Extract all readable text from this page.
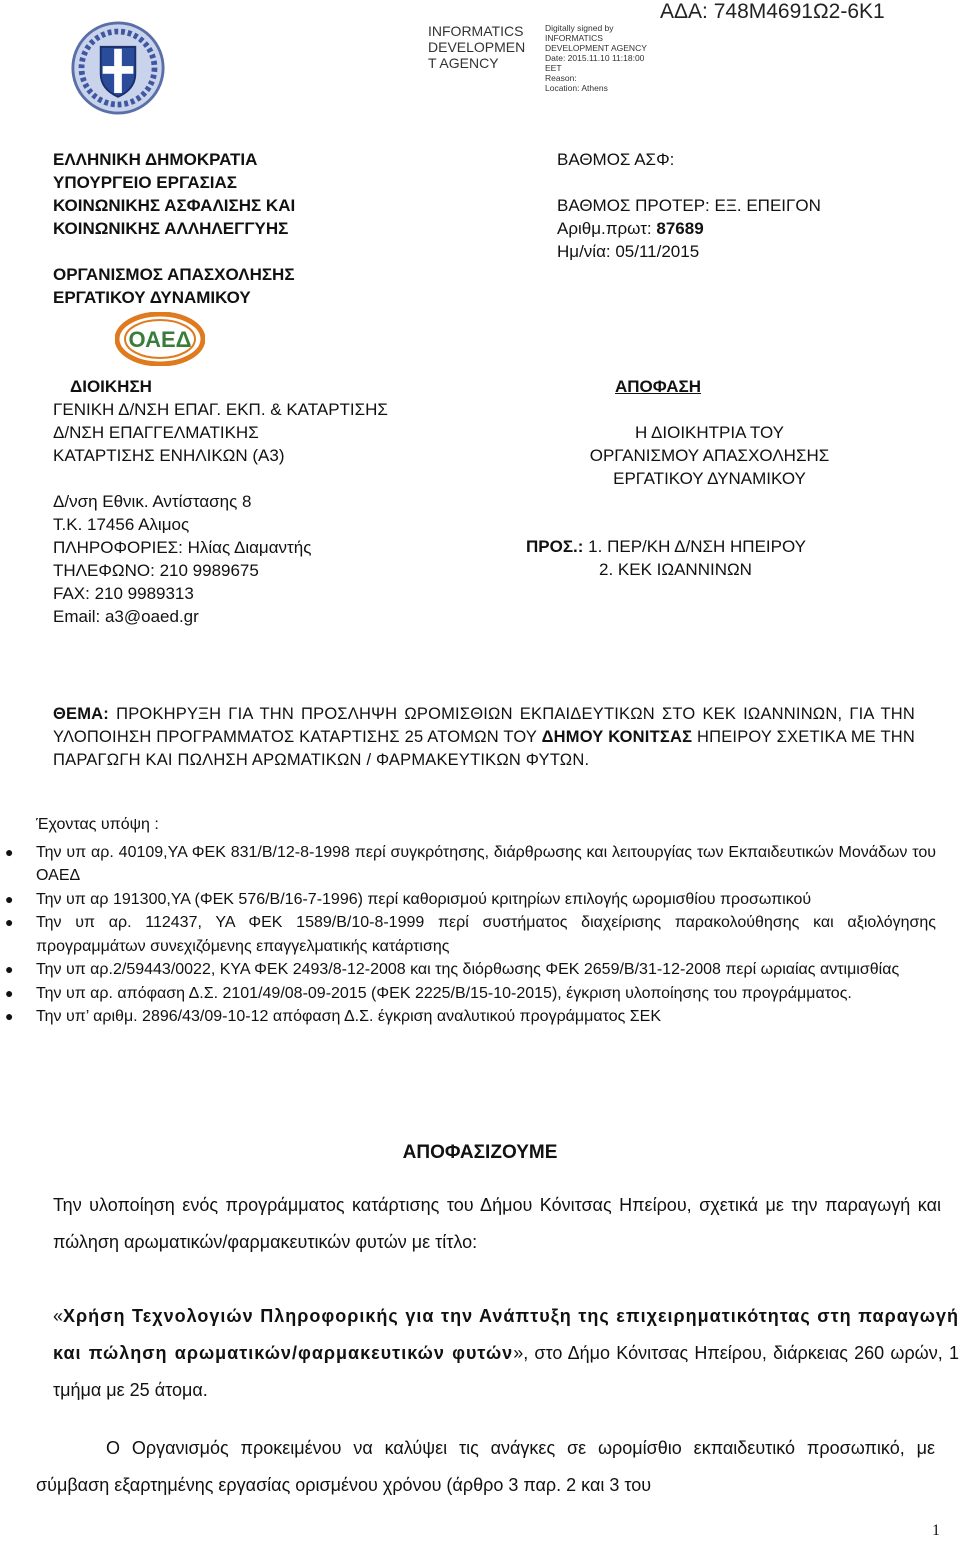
INFORMATICS
DEVELOPMEN
T AGENCY
Digitally signed by
INFORMATICS
DEVELOPMENT AGENCY
Date: 2015.11.10 11:18:00
EET
Reason:
Location: Athens
ΑΔΑ: 748Μ4691Ω2-6Κ1
ΕΛΛΗΝΙΚΗ ΔΗΜΟΚΡΑΤΙΑ
ΥΠΟΥΡΓΕΙΟ ΕΡΓΑΣΙΑΣ
ΚΟΙΝΩΝΙΚΗΣ ΑΣΦΑΛΙΣΗΣ ΚΑΙ
ΚΟΙΝΩΝΙΚΗΣ ΑΛΛΗΛΕΓΓΥΗΣ
ΟΡΓΑΝΙΣΜΟΣ ΑΠΑΣΧΟΛΗΣΗΣ
ΕΡΓΑΤΙΚΟΥ ΔΥΝΑΜΙΚΟΥ
ΟΑΕΔ
ΒΑΘΜΟΣ ΑΣΦ:
ΒΑΘΜΟΣ ΠΡΟΤΕΡ: ΕΞ. ΕΠΕΙΓΟΝ
Αριθμ.πρωτ: 87689
Ημ/νία: 05/11/2015
ΔΙΟΙΚΗΣΗ
ΓΕΝΙΚΗ Δ/ΝΣΗ ΕΠΑΓ. ΕΚΠ. & ΚΑΤΑΡΤΙΣΗΣ
Δ/ΝΣΗ ΕΠΑΓΓΕΛΜΑΤΙΚΗΣ
ΚΑΤΑΡΤΙΣΗΣ ΕΝΗΛΙΚΩΝ (Α3)
Δ/νση Εθνικ. Αντίστασης 8
Τ.Κ. 17456 Αλιμος
ΠΛΗΡΟΦΟΡΙΕΣ: Ηλίας Διαμαντής
ΤΗΛΕΦΩΝΟ: 210 9989675
FAX: 210 9989313
Email: a3@oaed.gr
ΑΠΟΦΑΣΗ
Η ΔΙΟΙΚΗΤΡΙΑ ΤΟΥ
ΟΡΓΑΝΙΣΜΟΥ ΑΠΑΣΧΟΛΗΣΗΣ
ΕΡΓΑΤΙΚΟΥ ΔΥΝΑΜΙΚΟΥ
ΠΡΟΣ.: 1. ΠΕΡ/ΚΗ Δ/ΝΣΗ ΗΠΕΙΡΟΥ
2. ΚΕΚ ΙΩΑΝΝΙΝΩΝ
ΘΕΜΑ: ΠΡΟΚΗΡΥΞΗ ΓΙΑ ΤΗΝ ΠΡΟΣΛΗΨΗ ΩΡΟΜΙΣΘΙΩΝ ΕΚΠΑΙΔΕΥΤΙΚΩΝ ΣΤΟ ΚΕΚ ΙΩΑΝΝΙΝΩΝ, ΓΙΑ ΤΗΝ ΥΛΟΠΟΙΗΣΗ ΠΡΟΓΡΑΜΜΑΤΟΣ ΚΑΤΑΡΤΙΣΗΣ 25 ΑΤΟΜΩΝ ΤΟΥ ΔΗΜΟΥ ΚΟΝΙΤΣΑΣ ΗΠΕΙΡΟΥ ΣΧΕΤΙΚΑ ΜΕ ΤΗΝ ΠΑΡΑΓΩΓΗ ΚΑΙ ΠΩΛΗΣΗ ΑΡΩΜΑΤΙΚΩΝ / ΦΑΡΜΑΚΕΥΤΙΚΩΝ ΦΥΤΩΝ.
Έχοντας υπόψη :
● Την υπ αρ. 40109,ΥΑ ΦΕΚ 831/Β/12-8-1998 περί συγκρότησης, διάρθρωσης και λειτουργίας των Εκπαιδευτικών Μονάδων του ΟΑΕΔ
● Την υπ αρ 191300,ΥΑ (ΦΕΚ 576/Β/16-7-1996) περί καθορισμού κριτηρίων επιλογής ωρομισθίου προσωπικού
● Την υπ αρ. 112437, ΥΑ ΦΕΚ 1589/Β/10-8-1999 περί συστήματος διαχείρισης παρακολούθησης και αξιολόγησης προγραμμάτων συνεχιζόμενης επαγγελματικής κατάρτισης
● Την υπ αρ.2/59443/0022, ΚΥΑ ΦΕΚ 2493/8-12-2008 και της διόρθωσης ΦΕΚ 2659/Β/31-12-2008 περί ωριαίας αντιμισθίας
● Την υπ αρ. απόφαση Δ.Σ. 2101/49/08-09-2015 (ΦΕΚ 2225/Β/15-10-2015), έγκριση υλοποίησης του προγράμματος.
● Την υπ’ αριθμ. 2896/43/09-10-12 απόφαση Δ.Σ. έγκριση αναλυτικού προγράμματος ΣΕΚ
ΑΠΟΦΑΣΙΖΟΥΜΕ
Την υλοποίηση ενός προγράμματος κατάρτισης του Δήμου Κόνιτσας Ηπείρου, σχετικά με την παραγωγή και πώληση αρωματικών/φαρμακευτικών φυτών με τίτλο:
«Χρήση Τεχνολογιών Πληροφορικής για την Ανάπτυξη της επιχειρηματικότητας στη παραγωγή και πώληση αρωματικών/φαρμακευτικών φυτών», στο Δήμο Κόνιτσας Ηπείρου, διάρκειας 260 ωρών, 1 τμήμα με 25 άτομα.
Ο Οργανισμός προκειμένου να καλύψει τις ανάγκες σε ωρομίσθιο εκπαιδευτικό προσωπικό, με σύμβαση εξαρτημένης εργασίας ορισμένου χρόνου (άρθρο 3 παρ. 2 και 3 του
1
